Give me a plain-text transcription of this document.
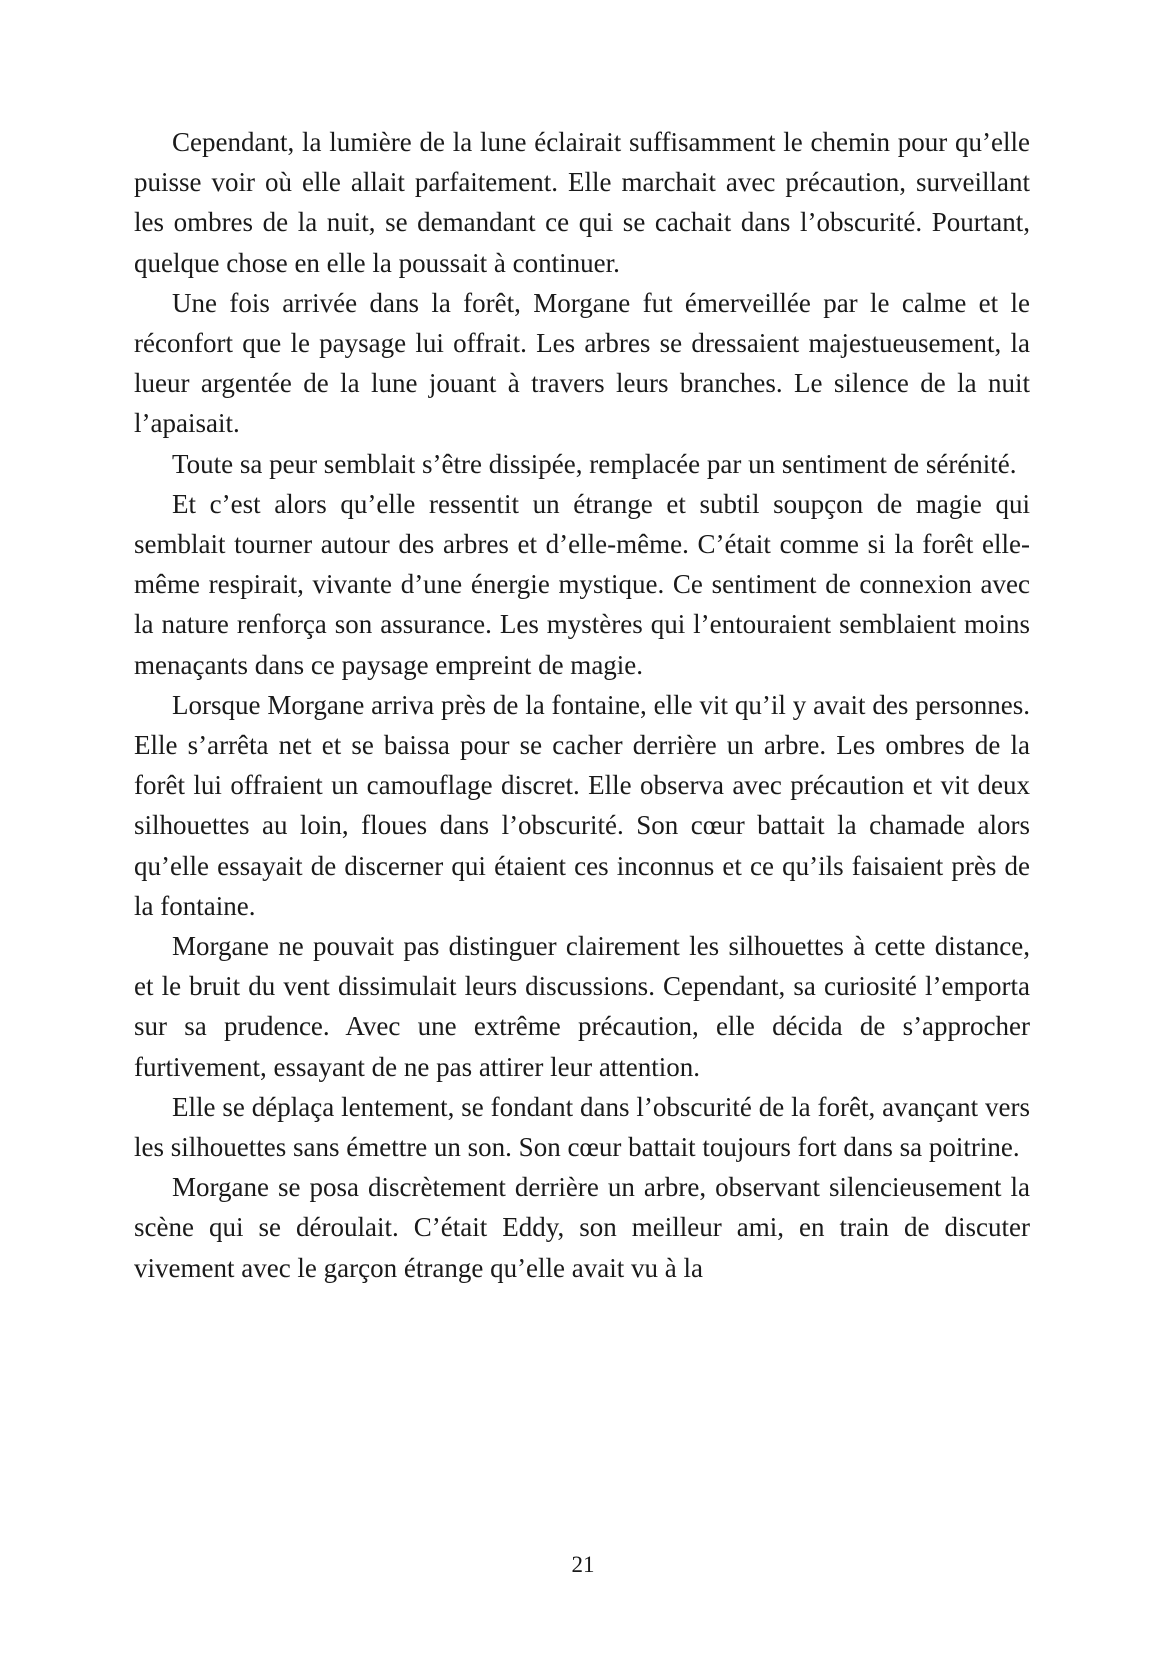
Cependant, la lumière de la lune éclairait suffisamment le chemin pour qu’elle puisse voir où elle allait parfaitement. Elle marchait avec précaution, surveillant les ombres de la nuit, se demandant ce qui se cachait dans l’obscurité. Pourtant, quelque chose en elle la poussait à continuer.

Une fois arrivée dans la forêt, Morgane fut émerveillée par le calme et le réconfort que le paysage lui offrait. Les arbres se dressaient majestueusement, la lueur argentée de la lune jouant à travers leurs branches. Le silence de la nuit l’apaisait.

Toute sa peur semblait s’être dissipée, remplacée par un sentiment de sérénité.

Et c’est alors qu’elle ressentit un étrange et subtil soupçon de magie qui semblait tourner autour des arbres et d’elle-même. C’était comme si la forêt elle-même respirait, vivante d’une énergie mystique. Ce sentiment de connexion avec la nature renforça son assurance. Les mystères qui l’entouraient semblaient moins menaçants dans ce paysage empreint de magie.

Lorsque Morgane arriva près de la fontaine, elle vit qu’il y avait des personnes. Elle s’arrêta net et se baissa pour se cacher derrière un arbre. Les ombres de la forêt lui offraient un camouflage discret. Elle observa avec précaution et vit deux silhouettes au loin, floues dans l’obscurité. Son cœur battait la chamade alors qu’elle essayait de discerner qui étaient ces inconnus et ce qu’ils faisaient près de la fontaine.

Morgane ne pouvait pas distinguer clairement les silhouettes à cette distance, et le bruit du vent dissimulait leurs discussions. Cependant, sa curiosité l’emporta sur sa prudence. Avec une extrême précaution, elle décida de s’approcher furtivement, essayant de ne pas attirer leur attention.

Elle se déplaça lentement, se fondant dans l’obscurité de la forêt, avançant vers les silhouettes sans émettre un son. Son cœur battait toujours fort dans sa poitrine.

Morgane se posa discrètement derrière un arbre, observant silencieusement la scène qui se déroulait. C’était Eddy, son meilleur ami, en train de discuter vivement avec le garçon étrange qu’elle avait vu à la

21
